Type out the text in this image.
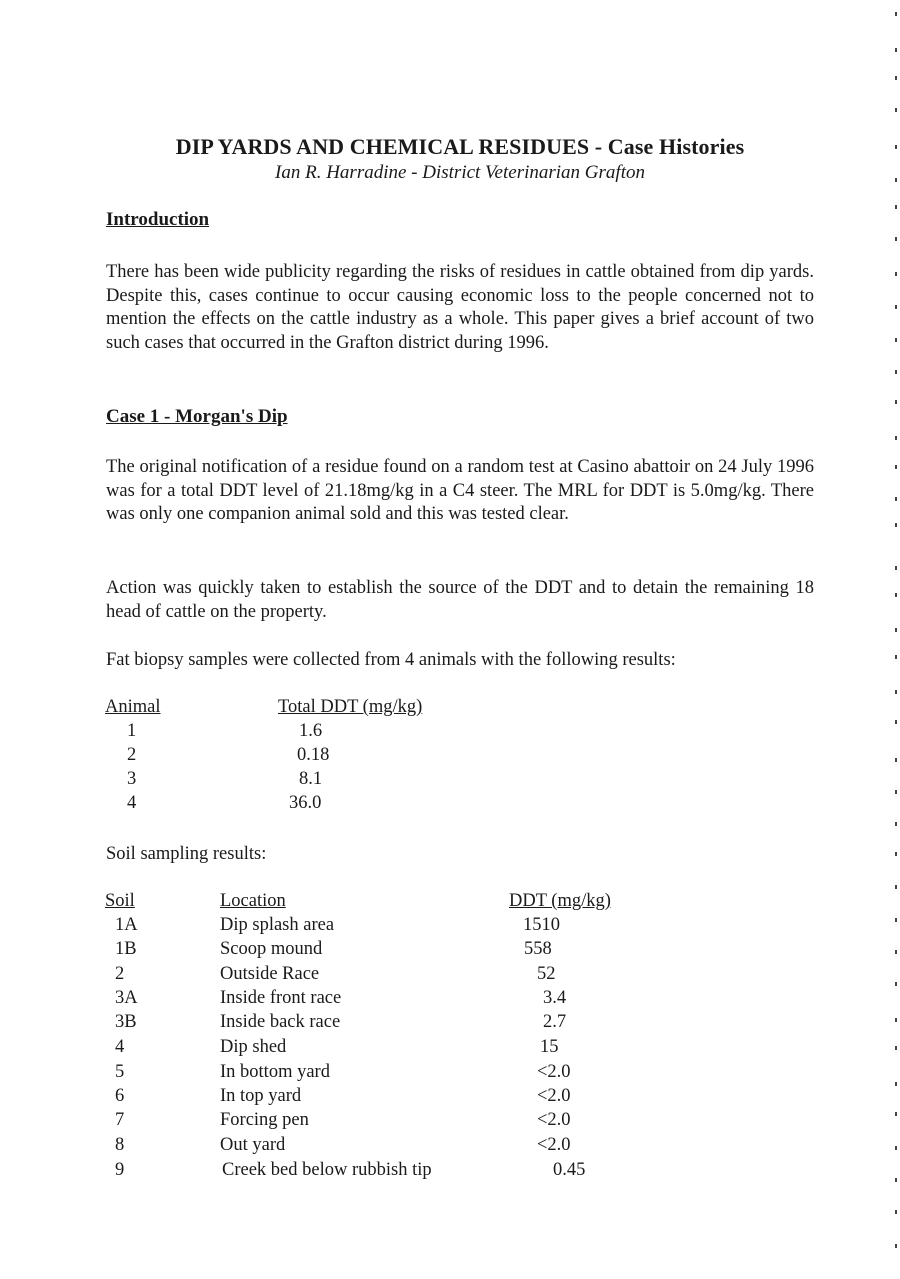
DIP YARDS AND CHEMICAL RESIDUES - Case Histories

Ian R. Harradine - District Veterinarian Grafton

Introduction

There has been wide publicity regarding the risks of residues in cattle obtained from dip yards. Despite this, cases continue to occur causing economic loss to the people concerned not to mention the effects on the cattle industry as a whole. This paper gives a brief account of two such cases that occurred in the Grafton district during 1996.

Case 1 - Morgan's Dip

The original notification of a residue found on a random test at Casino abattoir on 24 July 1996 was for a total DDT level of 21.18mg/kg in a C4 steer. The MRL for DDT is 5.0mg/kg. There was only one companion animal sold and this was tested clear.

Action was quickly taken to establish the source of the DDT and to detain the remaining 18 head of cattle on the property.

Fat biopsy samples were collected from 4 animals with the following results:

Animal	Total DDT (mg/kg)
1	1.6
2	0.18
3	8.1
4	36.0

Soil sampling results:

Soil	Location	DDT (mg/kg)
1A	Dip splash area	1510
1B	Scoop mound	558
2	Outside Race	52
3A	Inside front race	3.4
3B	Inside back race	2.7
4	Dip shed	15
5	In bottom yard	<2.0
6	In top yard	<2.0
7	Forcing pen	<2.0
8	Out yard	<2.0
9	Creek bed below rubbish tip	0.45
